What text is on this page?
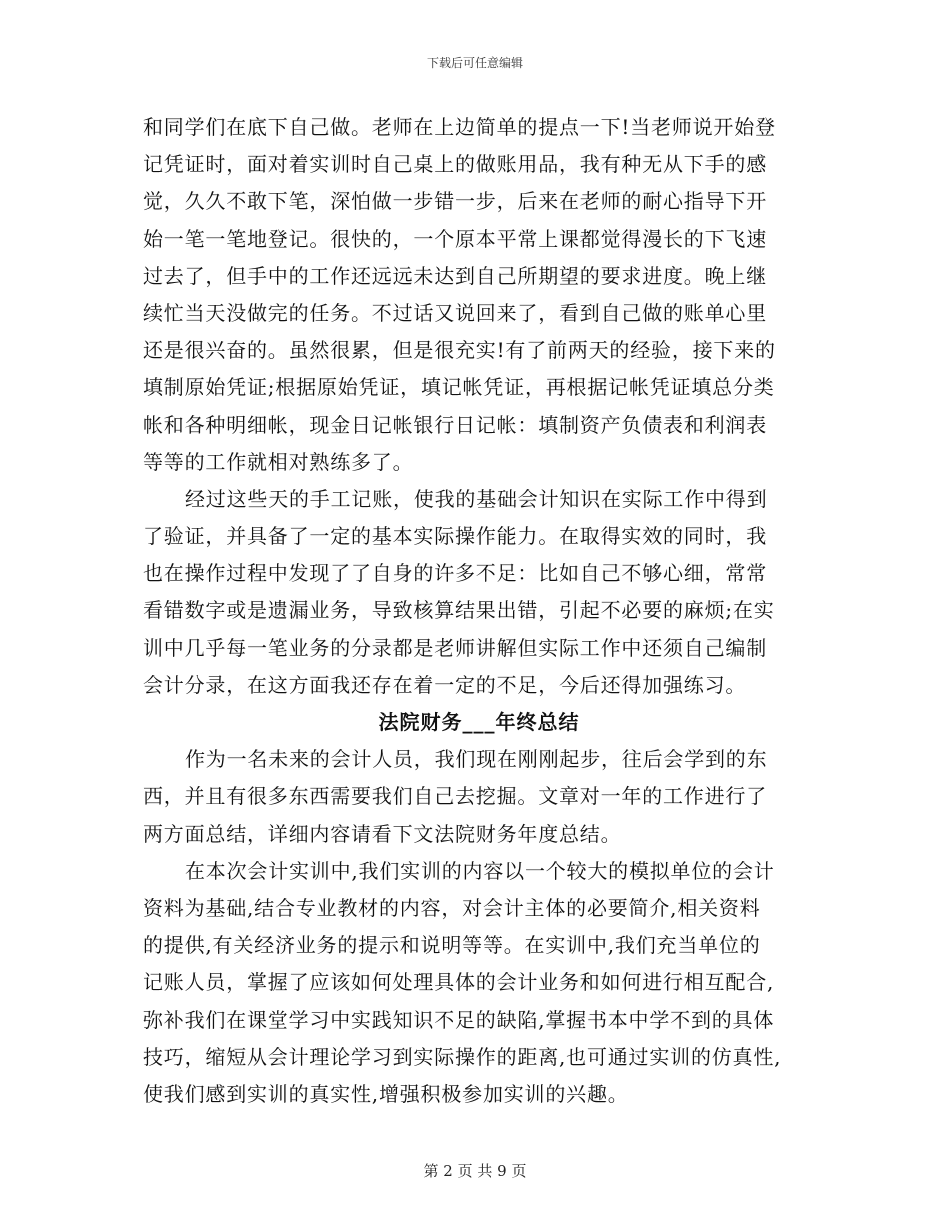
下载后可任意编辑
和同学们在底下自己做。老师在上边简单的提点一下!当老师说开始登
记凭证时，面对着实训时自己桌上的做账用品，我有种无从下手的感
觉，久久不敢下笔，深怕做一步错一步，后来在老师的耐心指导下开
始一笔一笔地登记。很快的，一个原本平常上课都觉得漫长的下飞速
过去了，但手中的工作还远远未达到自己所期望的要求进度。晚上继
续忙当天没做完的任务。不过话又说回来了，看到自己做的账单心里
还是很兴奋的。虽然很累，但是很充实!有了前两天的经验，接下来的
填制原始凭证;根据原始凭证，填记帐凭证，再根据记帐凭证填总分类
帐和各种明细帐，现金日记帐银行日记帐：填制资产负债表和利润表
等等的工作就相对熟练多了。
经过这些天的手工记账，使我的基础会计知识在实际工作中得到
了验证，并具备了一定的基本实际操作能力。在取得实效的同时，我
也在操作过程中发现了了自身的许多不足：比如自己不够心细，常常
看错数字或是遗漏业务，导致核算结果出错，引起不必要的麻烦;在实
训中几乎每一笔业务的分录都是老师讲解但实际工作中还须自己编制
会计分录，在这方面我还存在着一定的不足，今后还得加强练习。
法院财务___年终总结
作为一名未来的会计人员，我们现在刚刚起步，往后会学到的东
西，并且有很多东西需要我们自己去挖掘。文章对一年的工作进行了
两方面总结，详细内容请看下文法院财务年度总结。
在本次会计实训中,我们实训的内容以一个较大的模拟单位的会计
资料为基础,结合专业教材的内容，对会计主体的必要简介,相关资料
的提供,有关经济业务的提示和说明等等。在实训中,我们充当单位的
记账人员，掌握了应该如何处理具体的会计业务和如何进行相互配合,
弥补我们在课堂学习中实践知识不足的缺陷,掌握书本中学不到的具体
技巧，缩短从会计理论学习到实际操作的距离,也可通过实训的仿真性,
使我们感到实训的真实性,增强积极参加实训的兴趣。
第 2 页 共 9 页
